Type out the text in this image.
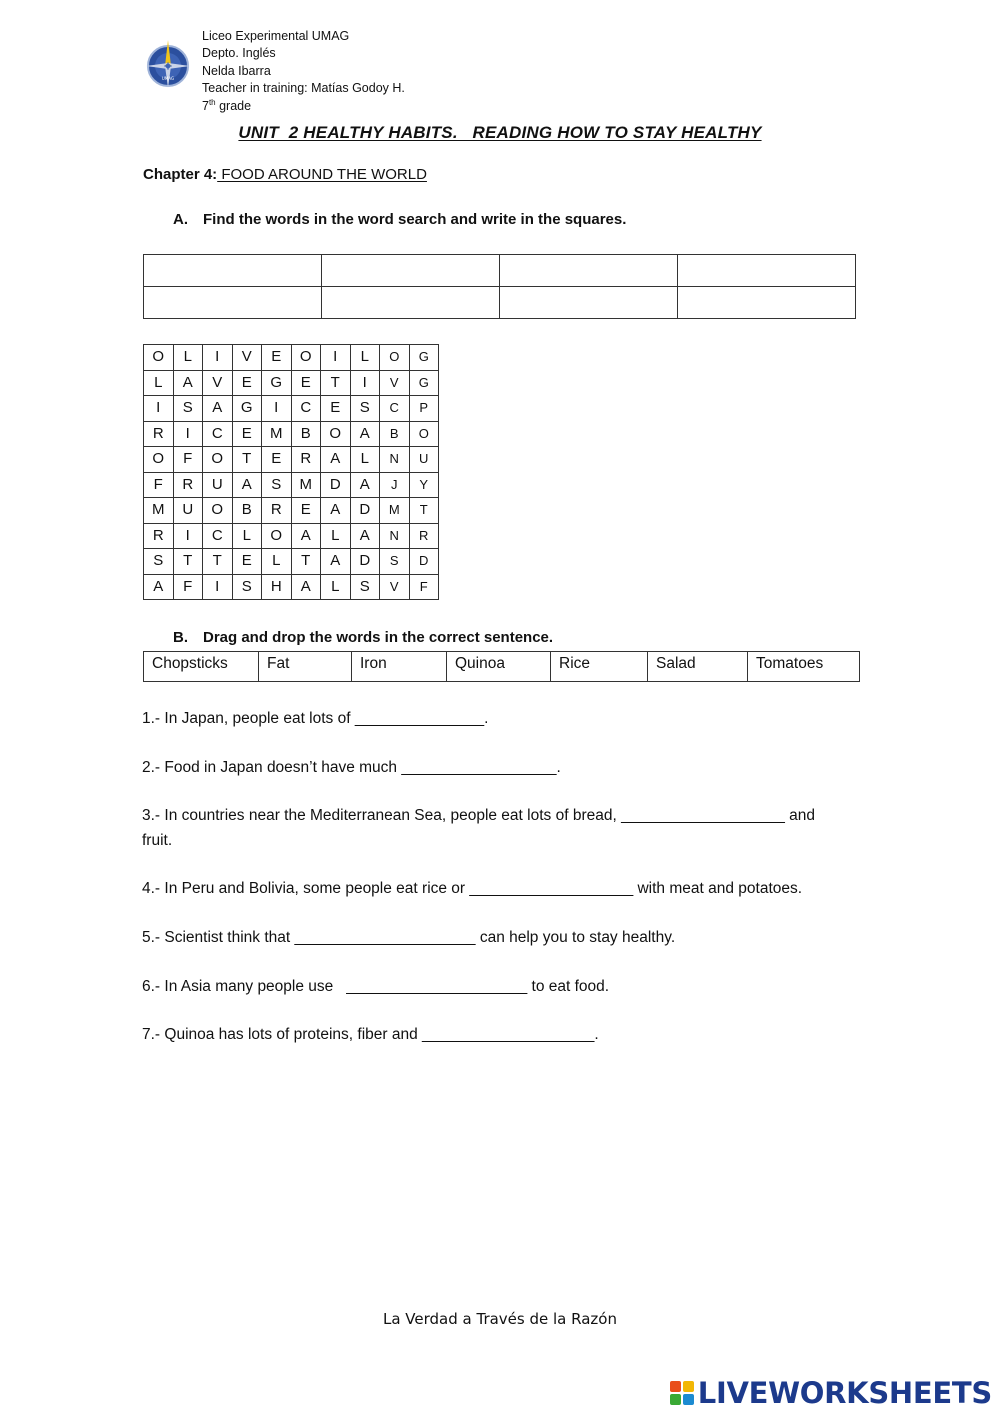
UMAG
Liceo Experimental UMAG
Depto. Inglés
Nelda Ibarra
Teacher in training: Matías Godoy H.
7th grade
UNIT  2 HEALTHY HABITS.   READING HOW TO STAY HEALTHY
Chapter 4: FOOD AROUND THE WORLD
A. Find the words in the word search and write in the squares.

O	L	I	V	E	O	I	L	O	G
L	A	V	E	G	E	T	I	V	G
I	S	A	G	I	C	E	S	C	P
R	I	C	E	M	B	O	A	B	O
O	F	O	T	E	R	A	L	N	U
F	R	U	A	S	M	D	A	J	Y
M	U	O	B	R	E	A	D	M	T
R	I	C	L	O	A	L	A	N	R
S	T	T	E	L	T	A	D	S	D
A	F	I	S	H	A	L	S	V	F
B. Drag and drop the words in the correct sentence.
Chopsticks	Fat	Iron	Quinoa	Rice	Salad	Tomatoes
1.- In Japan, people eat lots of _______________.
2.- Food in Japan doesn’t have much __________________.
3.- In countries near the Mediterranean Sea, people eat lots of bread, ___________________ and fruit.
4.- In Peru and Bolivia, some people eat rice or ___________________ with meat and potatoes.
5.- Scientist think that _____________________ can help you to stay healthy.
6.- In Asia many people use   _____________________ to eat food.
7.- Quinoa has lots of proteins, fiber and ____________________.
La Verdad a Través de la Razón
LIVEWORKSHEETS
